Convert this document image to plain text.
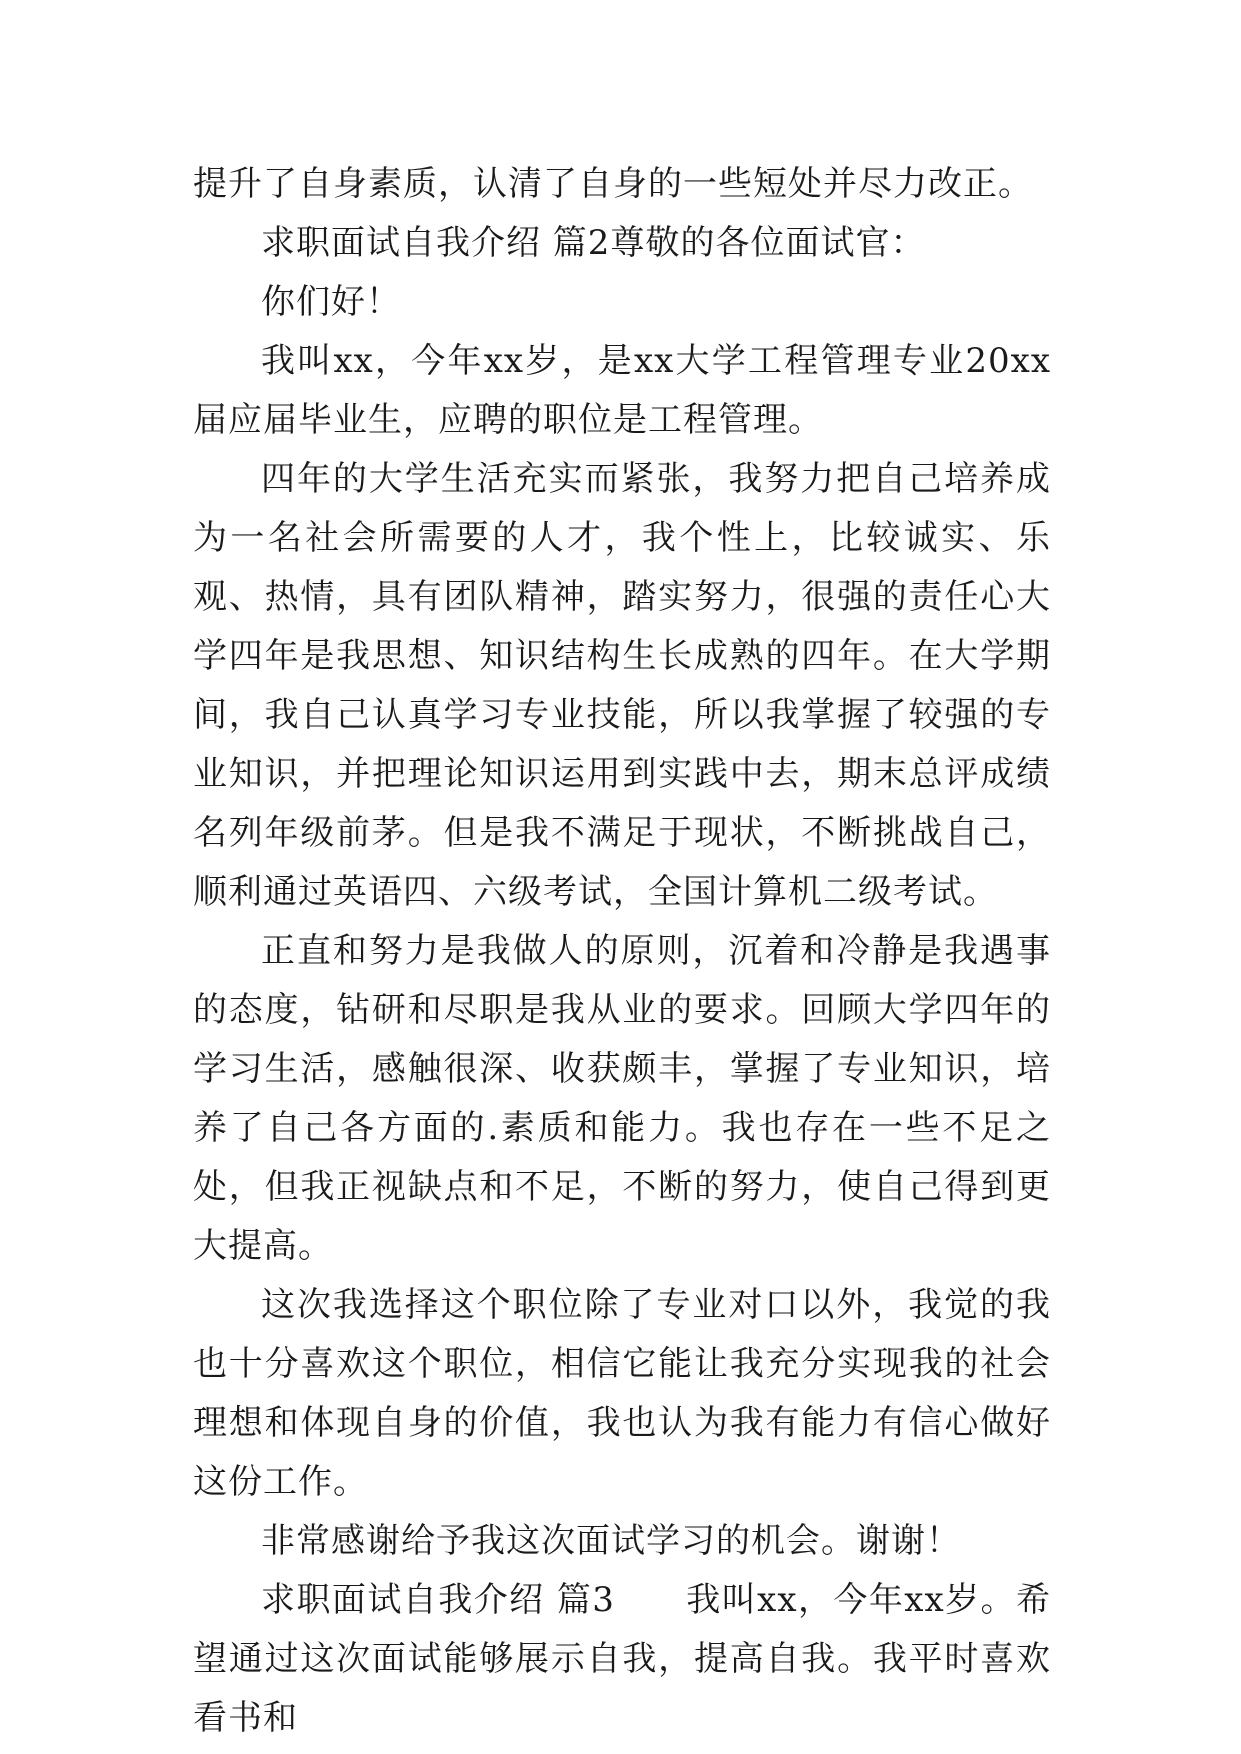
提升了自身素质，认清了自身的一些短处并尽力改正。

求职面试自我介绍 篇2尊敬的各位面试官：

你们好！

我叫xx，今年xx岁，是xx大学工程管理专业20xx届应届毕业生，应聘的职位是工程管理。

四年的大学生活充实而紧张，我努力把自己培养成为一名社会所需要的人才，我个性上，比较诚实、乐观、热情，具有团队精神，踏实努力，很强的责任心大学四年是我思想、知识结构生长成熟的四年。在大学期间，我自己认真学习专业技能，所以我掌握了较强的专业知识，并把理论知识运用到实践中去，期末总评成绩名列年级前茅。但是我不满足于现状，不断挑战自己，顺利通过英语四、六级考试，全国计算机二级考试。

正直和努力是我做人的原则，沉着和冷静是我遇事的态度，钻研和尽职是我从业的要求。回顾大学四年的学习生活，感触很深、收获颇丰，掌握了专业知识，培养了自己各方面的.素质和能力。我也存在一些不足之处，但我正视缺点和不足，不断的努力，使自己得到更大提高。

这次我选择这个职位除了专业对口以外，我觉的我也十分喜欢这个职位，相信它能让我充分实现我的社会理想和体现自身的价值，我也认为我有能力有信心做好这份工作。

非常感谢给予我这次面试学习的机会。谢谢！

求职面试自我介绍 篇3　　我叫xx，今年xx岁。希望通过这次面试能够展示自我，提高自我。我平时喜欢看书和
